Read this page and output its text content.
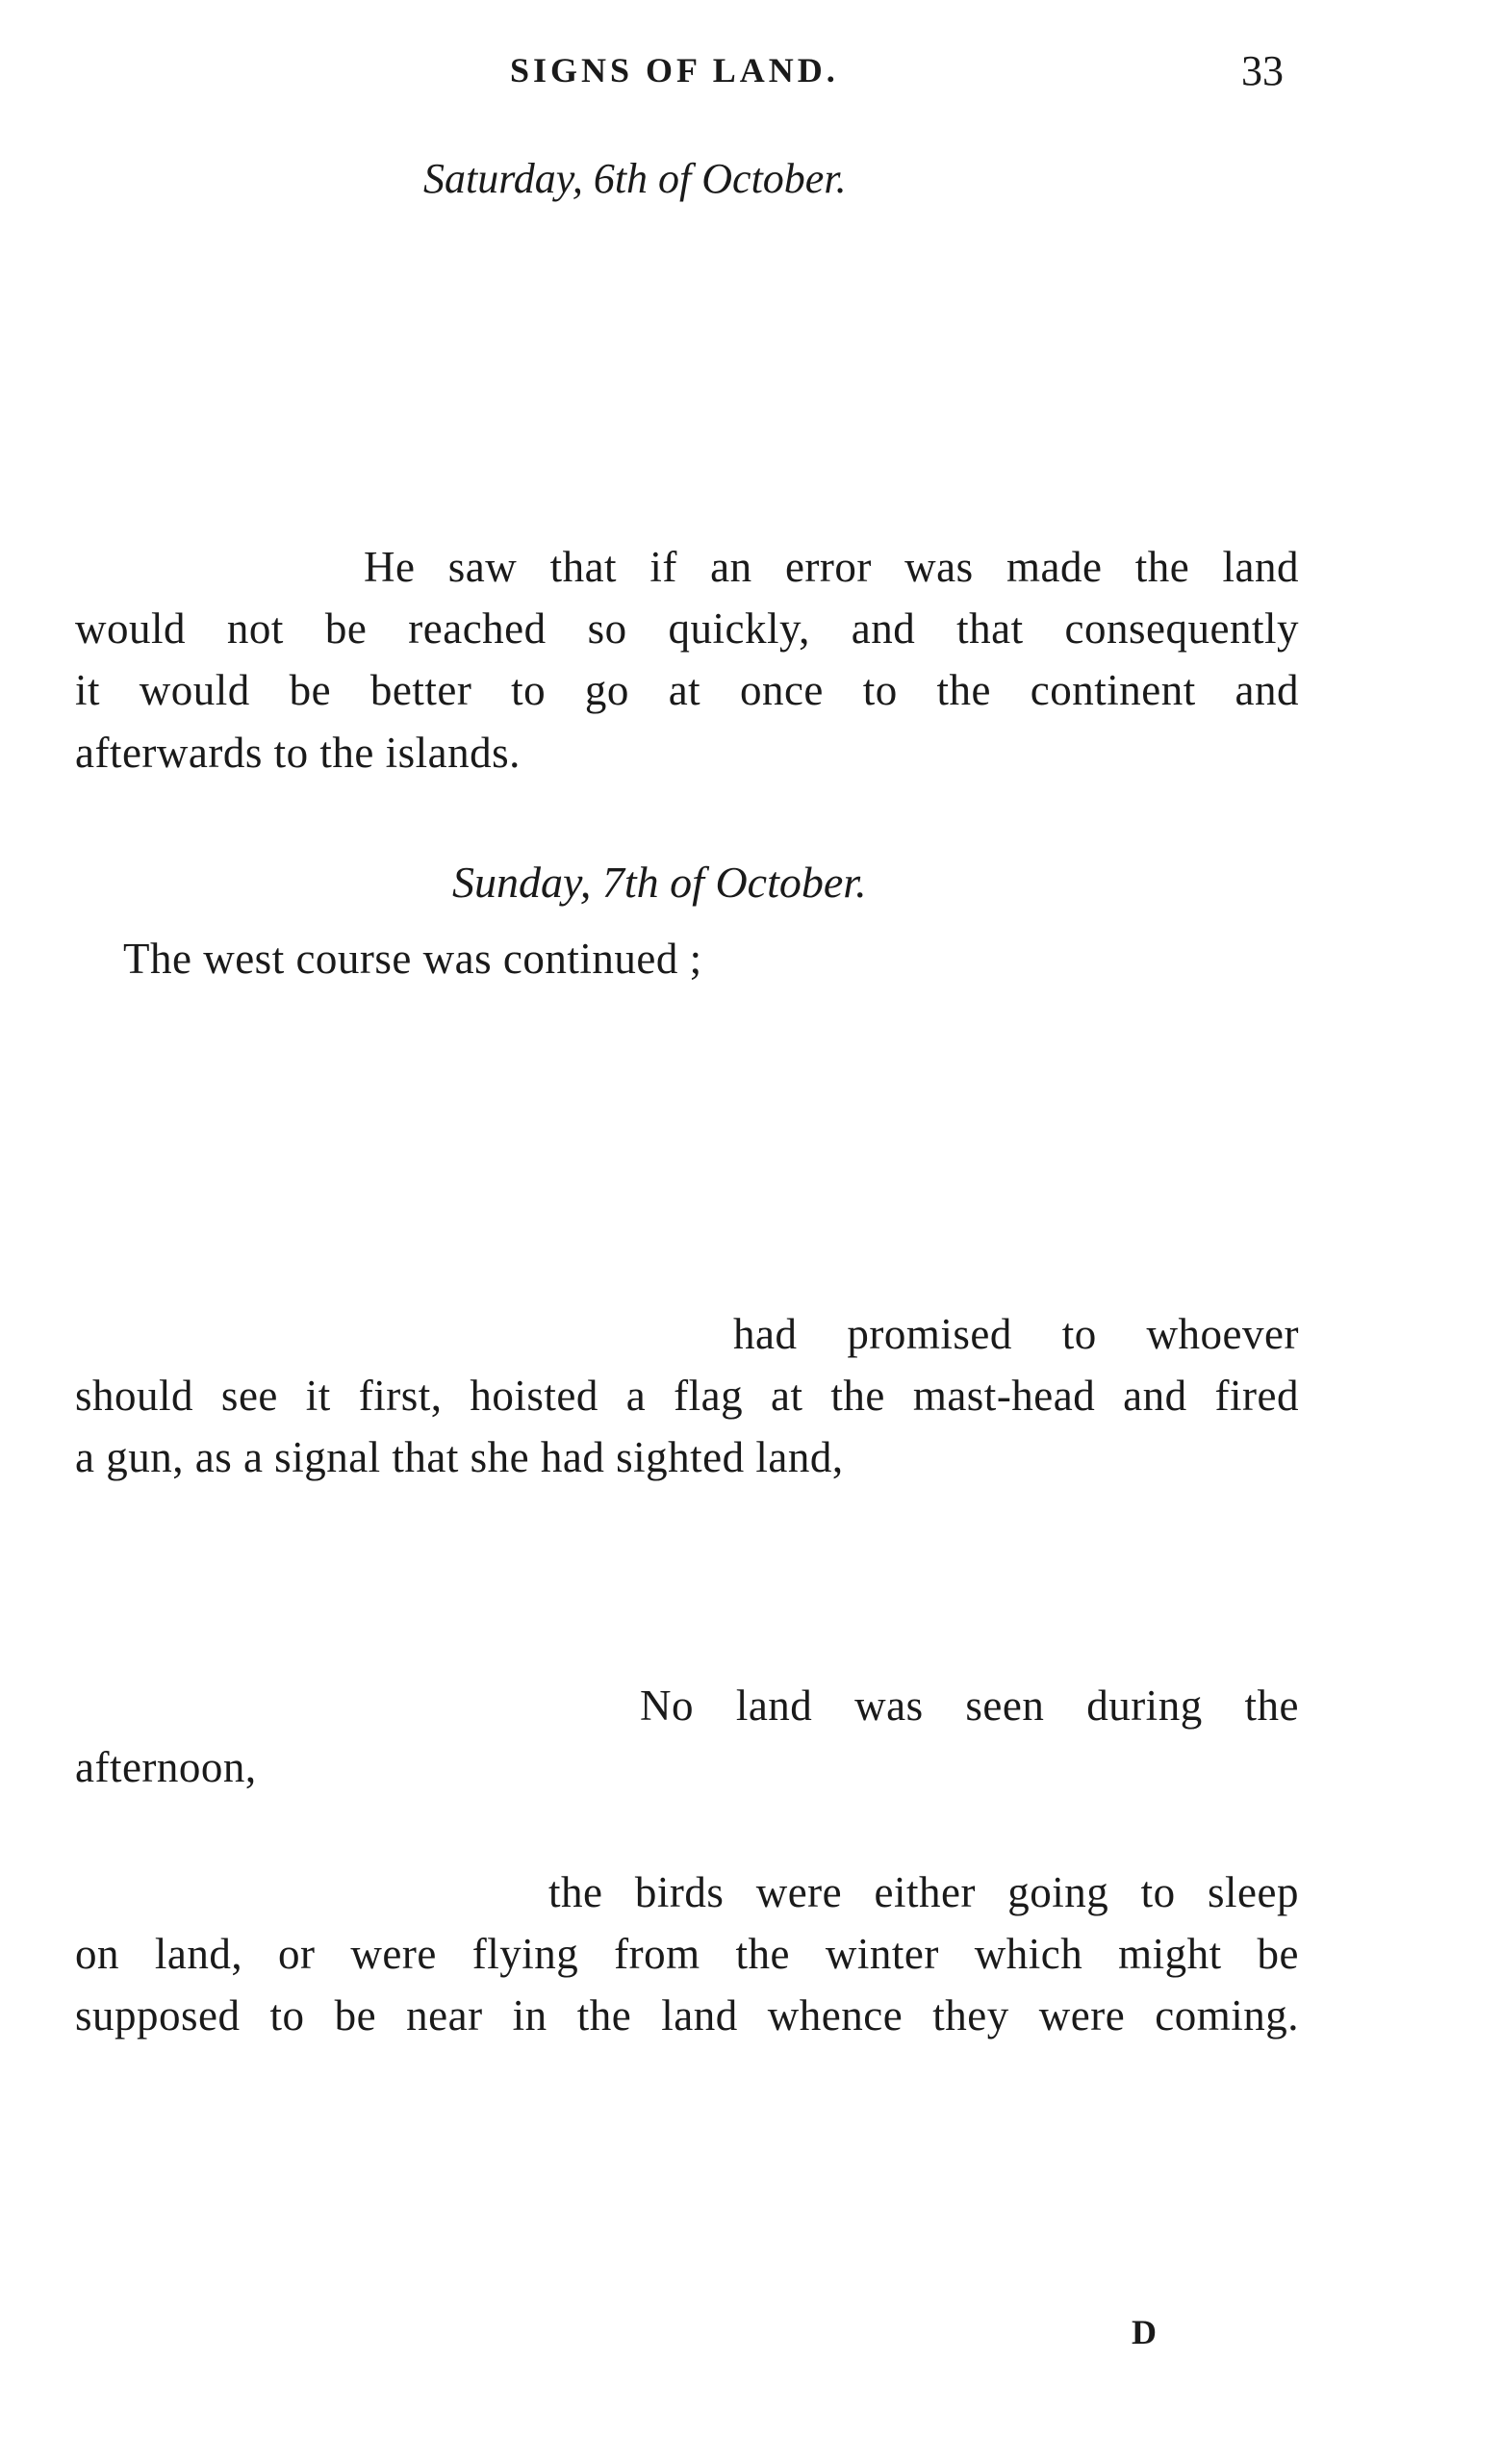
SIGNS OF LAND.	33
Saturday, 6th of October.
He saw that if an error was made the land
would not be reached so quickly, and that consequently
it would be better to go at once to the continent and
afterwards to the islands.
Sunday, 7th of October.
The west course was continued ;
had promised to whoever
should see it first, hoisted a flag at the mast-head and fired
a gun, as a signal that she had sighted land,
No land was seen during the
afternoon,
the birds were either going to sleep
on land, or were flying from the winter which might be
supposed to be near in the land whence they were coming.
D
